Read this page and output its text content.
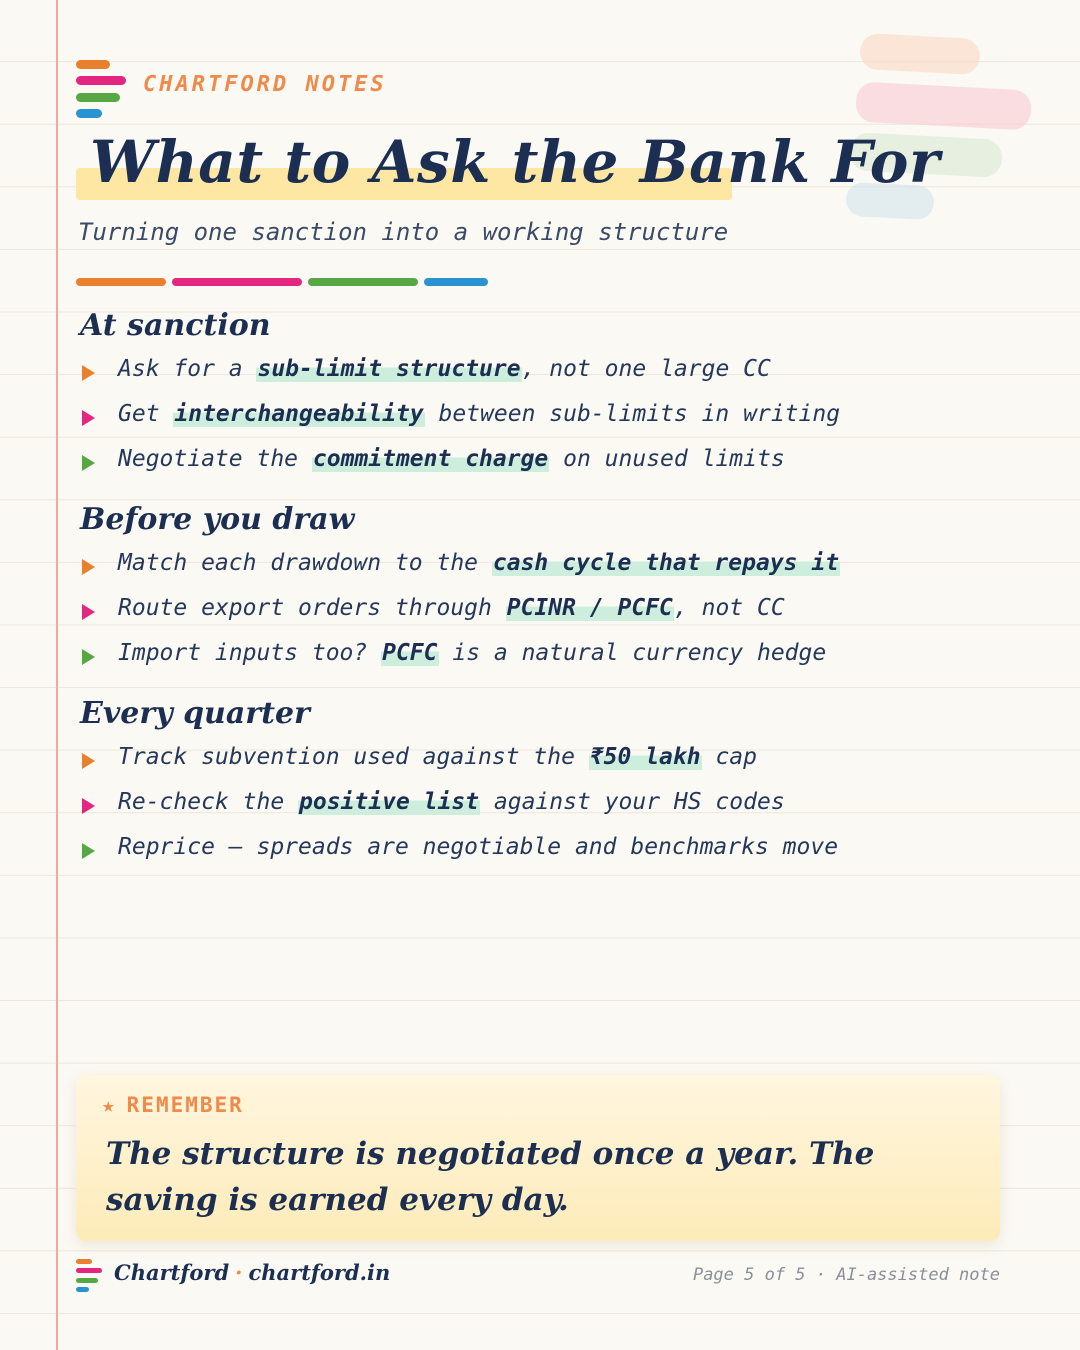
CHARTFORD NOTES
What to Ask the Bank For
Turning one sanction into a working structure
At sanction
Ask for a sub-limit structure, not one large CC
Get interchangeability between sub-limits in writing
Negotiate the commitment charge on unused limits
Before you draw
Match each drawdown to the cash cycle that repays it
Route export orders through PCINR / PCFC, not CC
Import inputs too? PCFC is a natural currency hedge
Every quarter
Track subvention used against the ₹50 lakh cap
Re-check the positive list against your HS codes
Reprice — spreads are negotiable and benchmarks move
★ REMEMBER
The structure is negotiated once a year. The saving is earned every day.
Chartford · chartford.in	Page 5 of 5 · AI-assisted note
